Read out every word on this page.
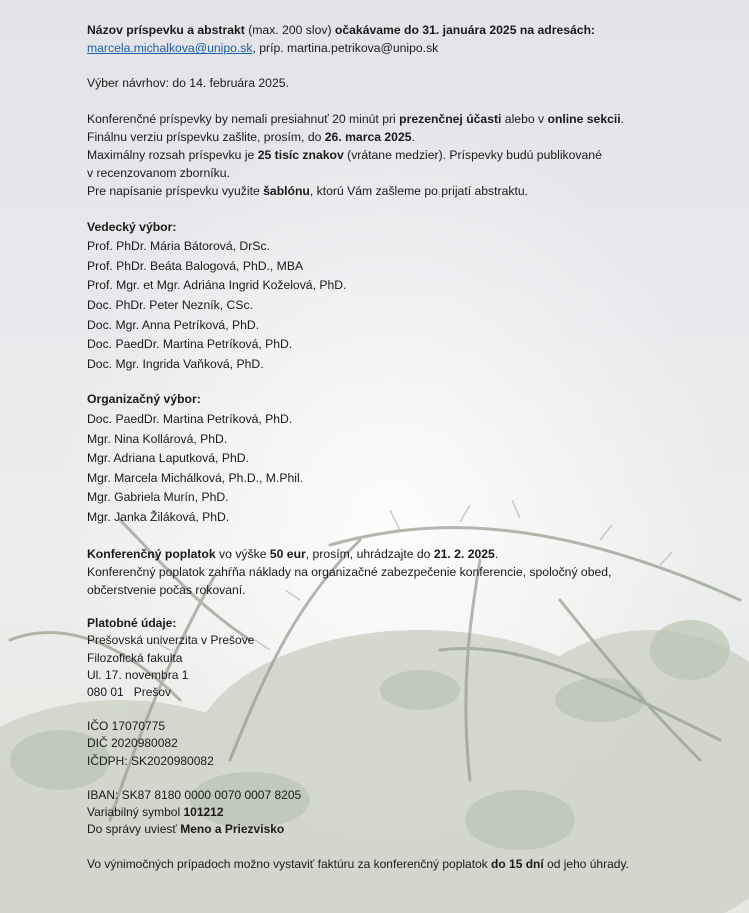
Názov príspevku a abstrakt (max. 200 slov) očakávame do 31. januára 2025 na adresách:

marcela.michalkova@unipo.sk, príp. martina.petrikova@unipo.sk

Výber návrhov: do 14. februára 2025.

Konferenčné príspevky by nemali presiahnuť 20 minút pri prezenčnej účasti alebo v online sekcii.

Finálnu verziu príspevku zašlite, prosím, do 26. marca 2025.

Maximálny rozsah príspevku je 25 tisíc znakov (vrátane medzier). Príspevky budú publikované

v recenzovanom zborníku.

Pre napísanie príspevku využite šablónu, ktorú Vám zašleme po prijatí abstraktu.

Vedecký výbor:

Prof. PhDr. Mária Bátorová, DrSc.

Prof. PhDr. Beáta Balogová, PhD., MBA

Prof. Mgr. et Mgr. Adriána Ingrid Koželová, PhD.

Doc. PhDr. Peter Nezník, CSc.

Doc. Mgr. Anna Petríková, PhD.

Doc. PaedDr. Martina Petríková, PhD.

Doc. Mgr. Ingrida Vaňková, PhD.

Organizačný výbor:

Doc. PaedDr. Martina Petríková, PhD.

Mgr. Nina Kollárová, PhD.

Mgr. Adriana Laputková, PhD.

Mgr. Marcela Michálková, Ph.D., M.Phil.

Mgr. Gabriela Murín, PhD.

Mgr. Janka Žiláková, PhD.

Konferenčný poplatok vo výške 50 eur, prosím, uhrádzajte do 21. 2. 2025.

Konferenčný poplatok zahŕňa náklady na organizačné zabezpečenie konferencie, spoločný obed,

občerstvenie počas rokovaní.

Platobné údaje:

Prešovská univerzita v Prešove

Filozofická fakulta

Ul. 17. novembra 1

080 01   Prešov

IČO 17070775

DIČ 2020980082

IČDPH: SK2020980082

IBAN: SK87 8180 0000 0070 0007 8205

Variabilný symbol 101212

Do správy uviesť Meno a Priezvisko

Vo výnimočných prípadoch možno vystaviť faktúru za konferenčný poplatok do 15 dní od jeho úhrady.
